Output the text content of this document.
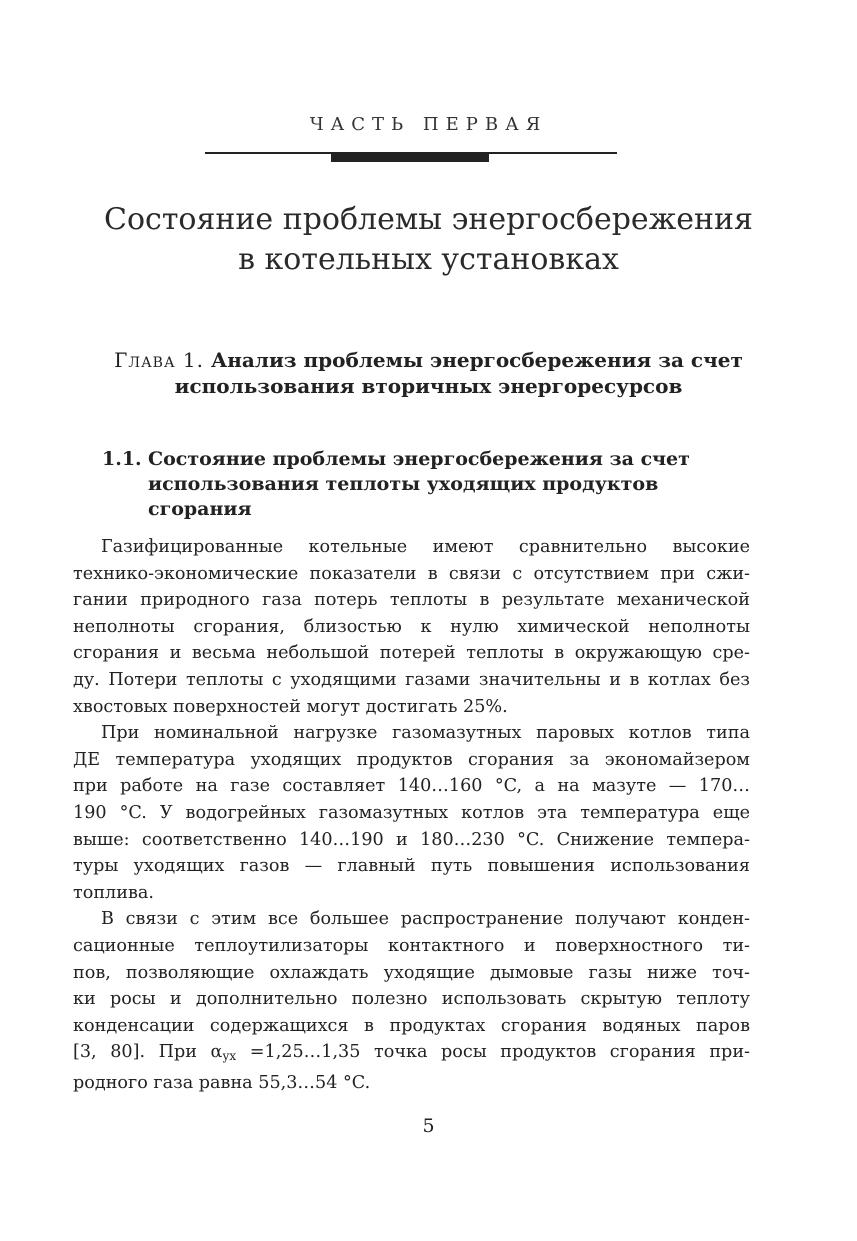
ЧАСТЬ ПЕРВАЯ
Состояние проблемы энергосбережения
в котельных установках
Глава 1. Анализ проблемы энергосбережения за счет
использования вторичных энергоресурсов
1.1. Состояние проблемы энергосбережения за счет
использования теплоты уходящих продуктов
сгорания
Газифицированные котельные имеют сравнительно высокие
технико-экономические показатели в связи с отсутствием при сжи-
гании природного газа потерь теплоты в результате механической
неполноты сгорания, близостью к нулю химической неполноты
сгорания и весьма небольшой потерей теплоты в окружающую сре-
ду. Потери теплоты с уходящими газами значительны и в котлах без
хвостовых поверхностей могут достигать 25%.
При номинальной нагрузке газомазутных паровых котлов типа
ДЕ температура уходящих продуктов сгорания за экономайзером
при работе на газе составляет 140…160 °C, а на мазуте — 170…
190 °C. У водогрейных газомазутных котлов эта температура еще
выше: соответственно 140…190 и 180…230 °C. Снижение темпера-
туры уходящих газов — главный путь повышения использования
топлива.
В связи с этим все большее распространение получают конден-
сационные теплоутилизаторы контактного и поверхностного ти-
пов, позволяющие охлаждать уходящие дымовые газы ниже точ-
ки росы и дополнительно полезно использовать скрытую теплоту
конденсации содержащихся в продуктах сгорания водяных паров
[3, 80]. При $\alpha_{ух}$ =1,25…1,35 точка росы продуктов сгорания при-
родного газа равна 55,3…54 °C.
5
